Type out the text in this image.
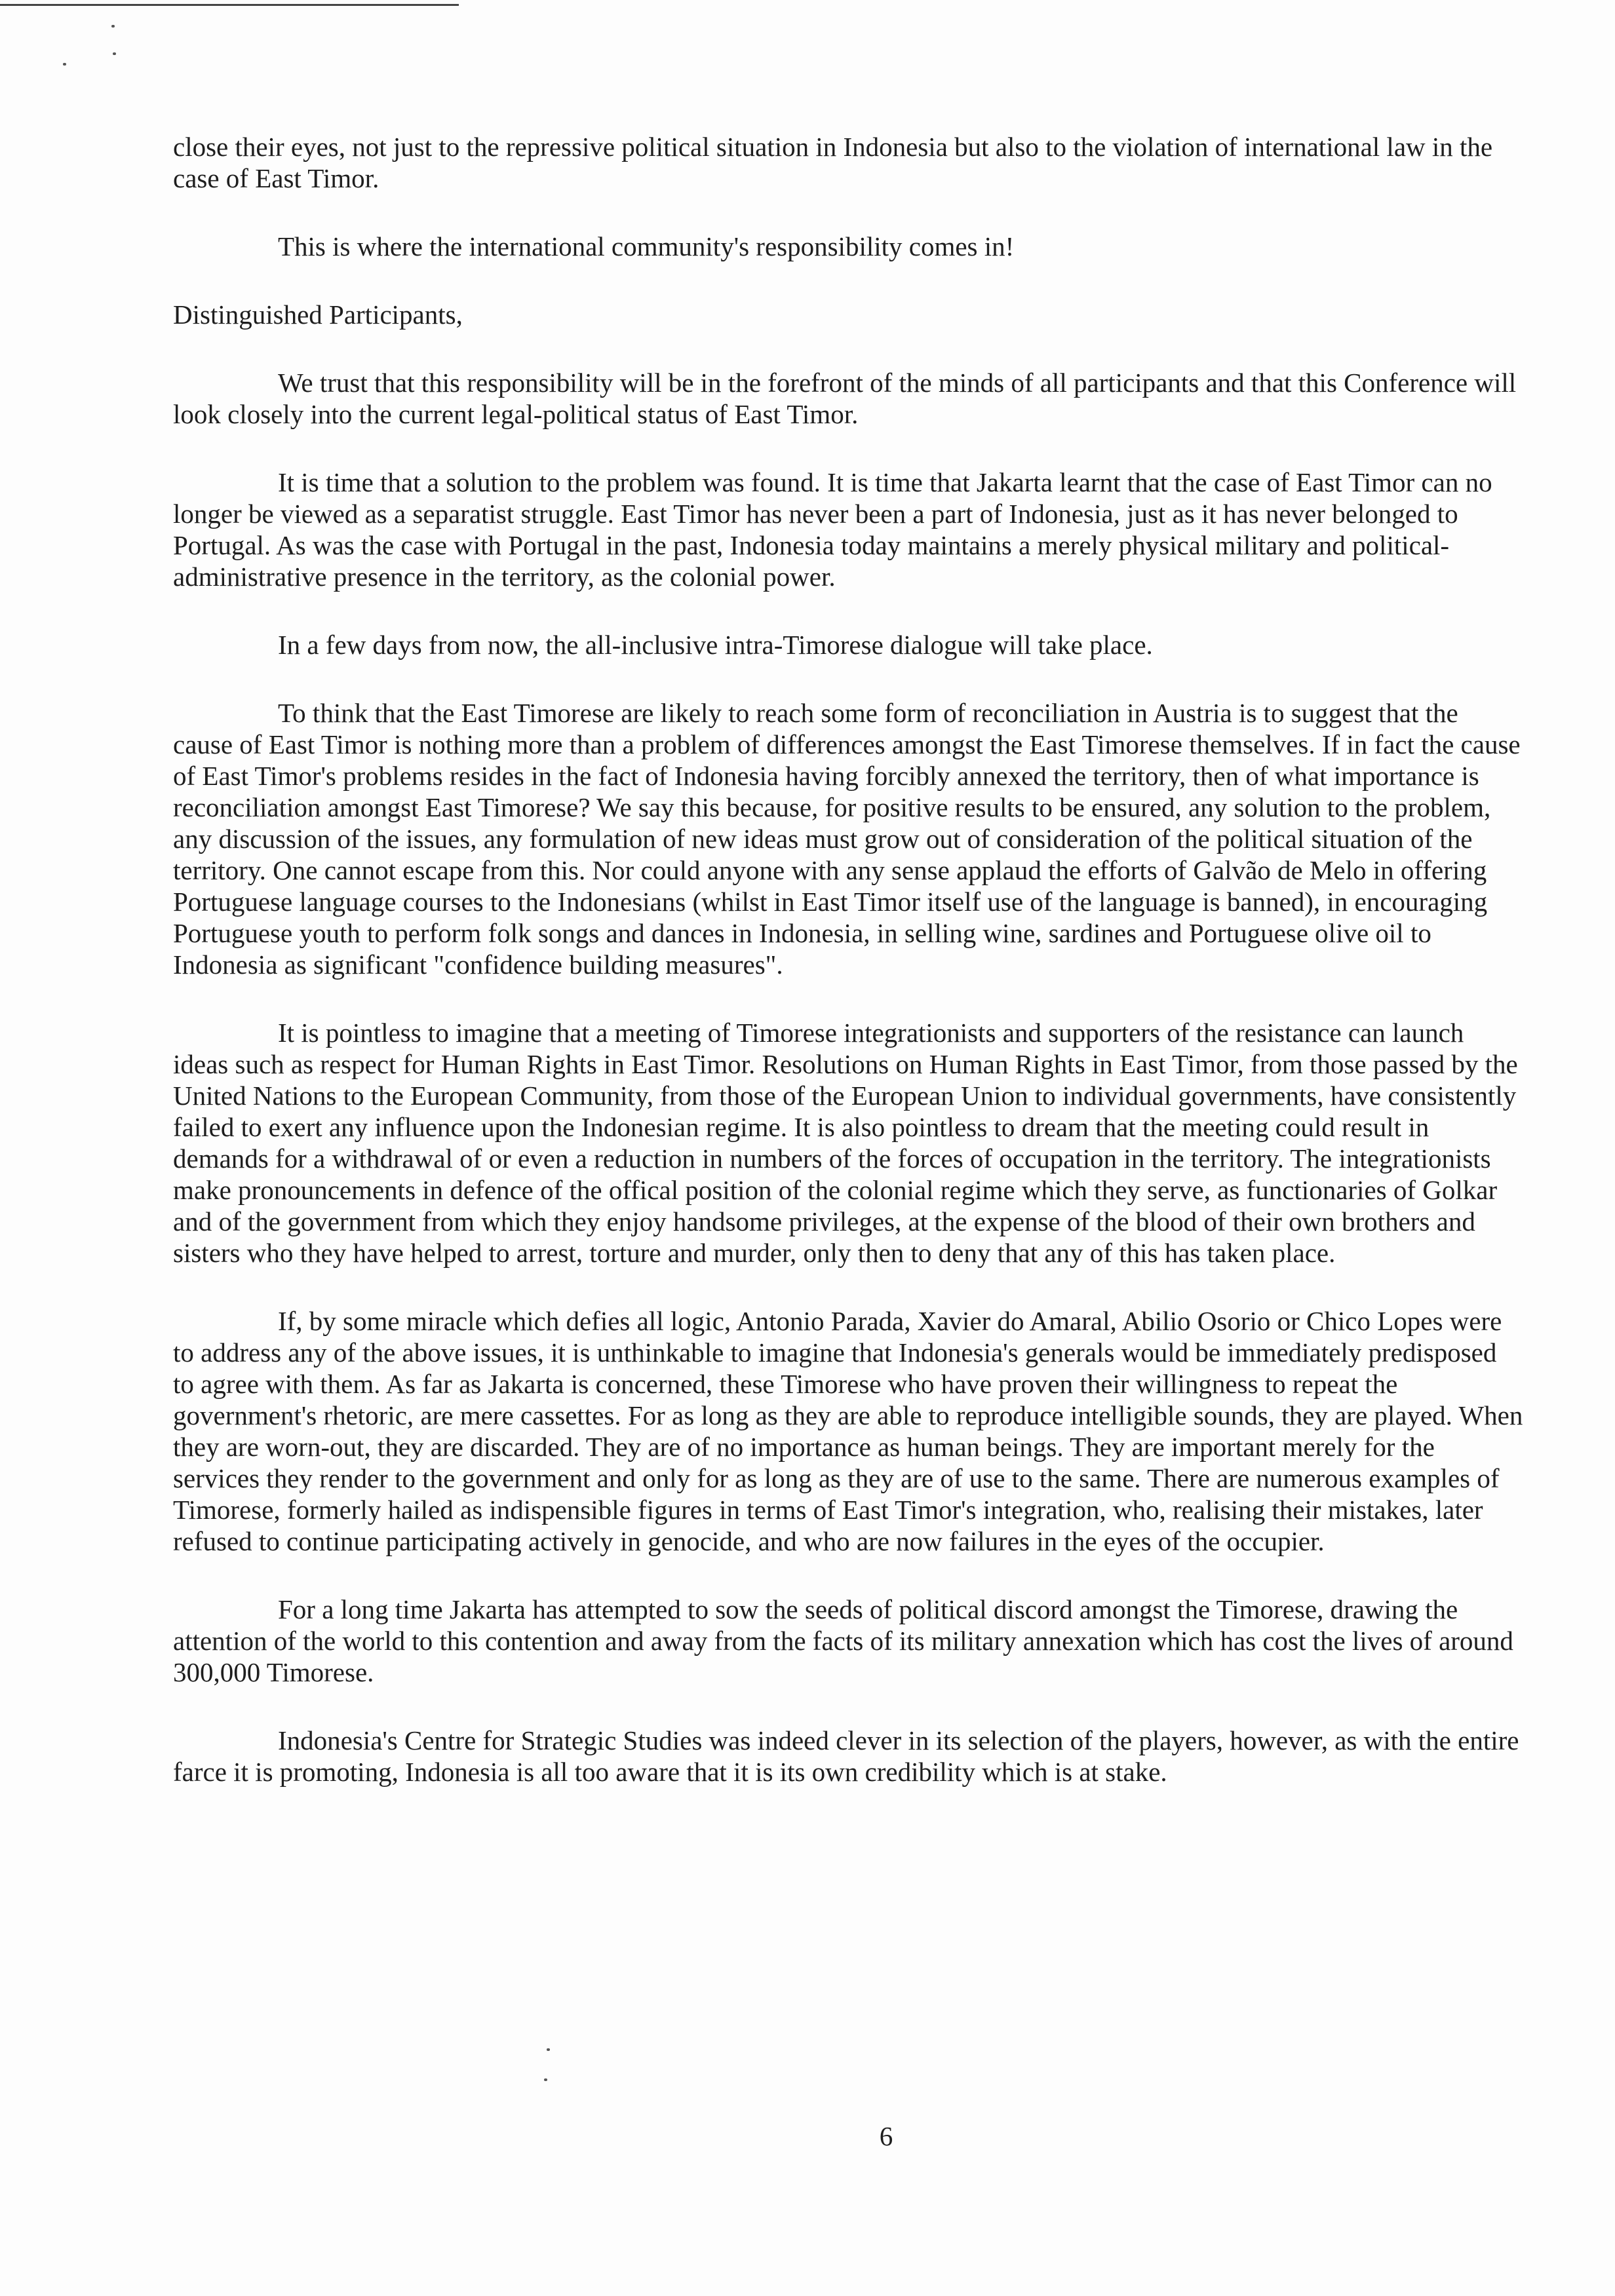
close their eyes, not just to the repressive political situation in Indonesia but also to the violation of international law in the case of East Timor.

This is where the international community's responsibility comes in!

Distinguished Participants,

We trust that this responsibility will be in the forefront of the minds of all participants and that this Conference will look closely into the current legal-political status of East Timor.

It is time that a solution to the problem was found. It is time that Jakarta learnt that the case of East Timor can no longer be viewed as a separatist struggle. East Timor has never been a part of Indonesia, just as it has never belonged to Portugal. As was the case with Portugal in the past, Indonesia today maintains a merely physical military and political-administrative presence in the territory, as the colonial power.

In a few days from now, the all-inclusive intra-Timorese dialogue will take place.

To think that the East Timorese are likely to reach some form of reconciliation in Austria is to suggest that the cause of East Timor is nothing more than a problem of differences amongst the East Timorese themselves. If in fact the cause of East Timor's problems resides in the fact of Indonesia having forcibly annexed the territory, then of what importance is reconciliation amongst East Timorese? We say this because, for positive results to be ensured, any solution to the problem, any discussion of the issues, any formulation of new ideas must grow out of consideration of the political situation of the territory. One cannot escape from this. Nor could anyone with any sense applaud the efforts of Galvão de Melo in offering Portuguese language courses to the Indonesians (whilst in East Timor itself use of the language is banned), in encouraging Portuguese youth to perform folk songs and dances in Indonesia, in selling wine, sardines and Portuguese olive oil to Indonesia as significant "confidence building measures".

It is pointless to imagine that a meeting of Timorese integrationists and supporters of the resistance can launch ideas such as respect for Human Rights in East Timor. Resolutions on Human Rights in East Timor, from those passed by the United Nations to the European Community, from those of the European Union to individual governments, have consistently failed to exert any influence upon the Indonesian regime. It is also pointless to dream that the meeting could result in demands for a withdrawal of or even a reduction in numbers of the forces of occupation in the territory. The integrationists make pronouncements in defence of the offical position of the colonial regime which they serve, as functionaries of Golkar and of the government from which they enjoy handsome privileges, at the expense of the blood of their own brothers and sisters who they have helped to arrest, torture and murder, only then to deny that any of this has taken place.

If, by some miracle which defies all logic, Antonio Parada, Xavier do Amaral, Abilio Osorio or Chico Lopes were to address any of the above issues, it is unthinkable to imagine that Indonesia's generals would be immediately predisposed to agree with them. As far as Jakarta is concerned, these Timorese who have proven their willingness to repeat the government's rhetoric, are mere cassettes. For as long as they are able to reproduce intelligible sounds, they are played. When they are worn-out, they are discarded. They are of no importance as human beings. They are important merely for the services they render to the government and only for as long as they are of use to the same. There are numerous examples of Timorese, formerly hailed as indispensible figures in terms of East Timor's integration, who, realising their mistakes, later refused to continue participating actively in genocide, and who are now failures in the eyes of the occupier.

For a long time Jakarta has attempted to sow the seeds of political discord amongst the Timorese, drawing the attention of the world to this contention and away from the facts of its military annexation which has cost the lives of around 300,000 Timorese.

Indonesia's Centre for Strategic Studies was indeed clever in its selection of the players, however, as with the entire farce it is promoting, Indonesia is all too aware that it is its own credibility which is at stake.

6
